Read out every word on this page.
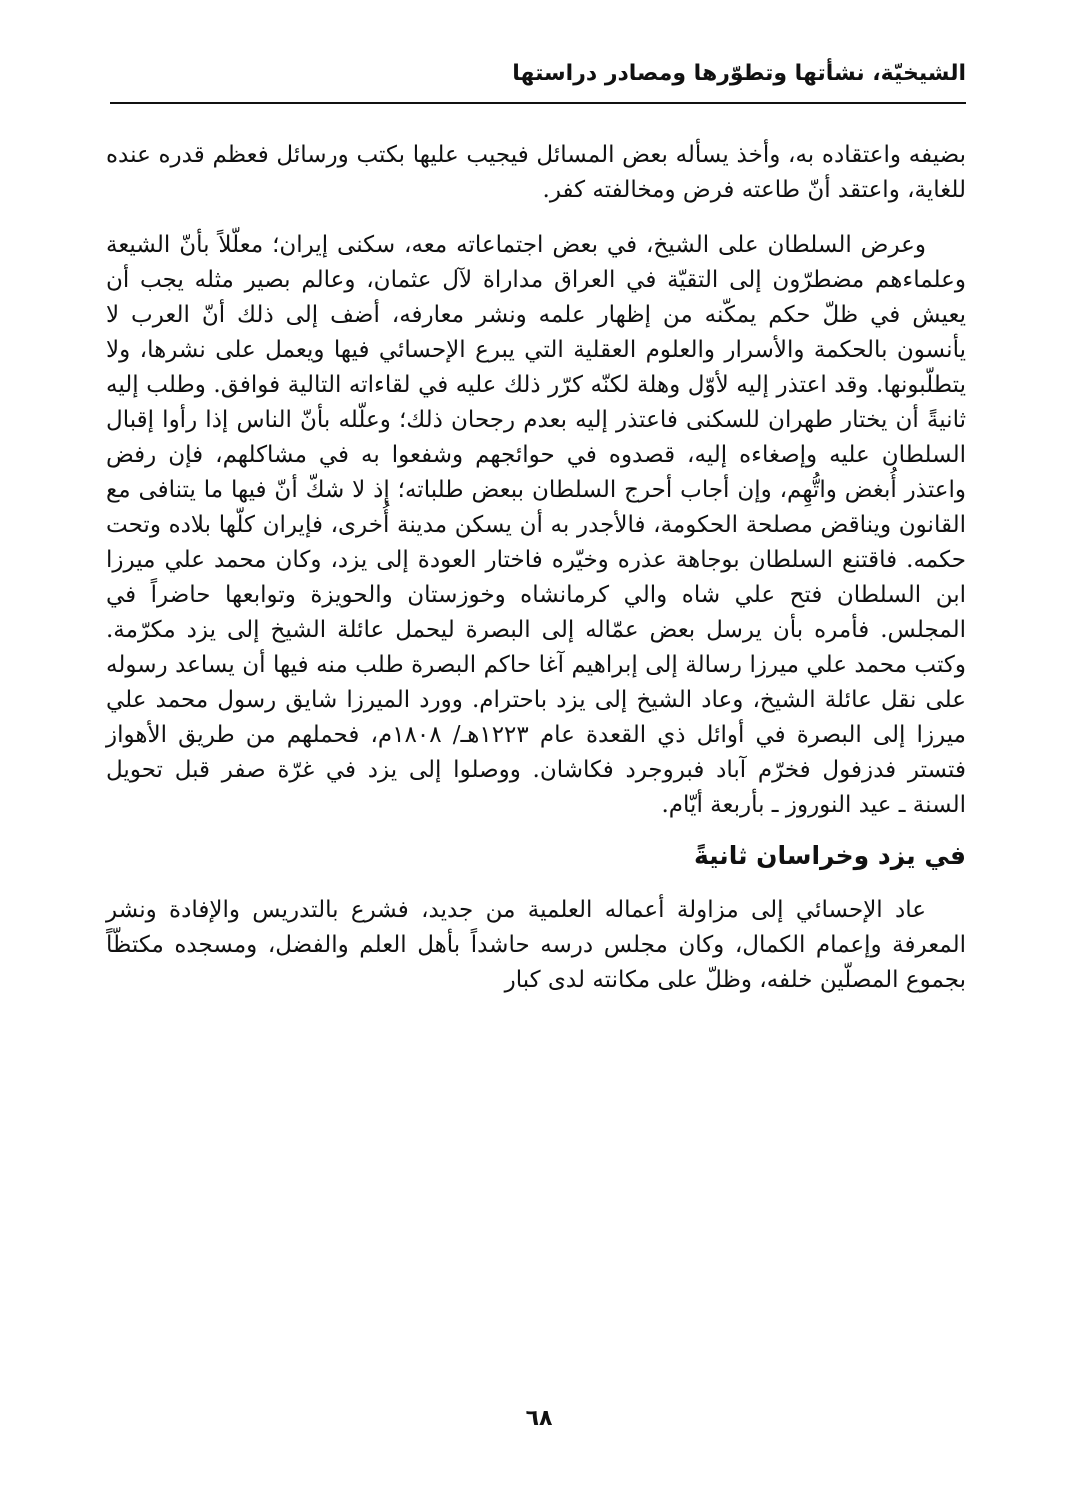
الشيخيّة، نشأتها وتطوّرها ومصادر دراستها

بضيفه واعتقاده به، وأخذ يسأله بعض المسائل فيجيب عليها بكتب ورسائل فعظم قدره عنده للغاية، واعتقد أنّ طاعته فرض ومخالفته كفر.

وعرض السلطان على الشيخ، في بعض اجتماعاته معه، سكنى إيران؛ معلّلاً بأنّ الشيعة وعلماءهم مضطرّون إلى التقيّة في العراق مداراة لآل عثمان، وعالم بصير مثله يجب أن يعيش في ظلّ حكم يمكّنه من إظهار علمه ونشر معارفه، أضف إلى ذلك أنّ العرب لا يأنسون بالحكمة والأسرار والعلوم العقلية التي يبرع الإحسائي فيها ويعمل على نشرها، ولا يتطلّبونها. وقد اعتذر إليه لأوّل وهلة لكنّه كرّر ذلك عليه في لقاءاته التالية فوافق. وطلب إليه ثانيةً أن يختار طهران للسكنى فاعتذر إليه بعدم رجحان ذلك؛ وعلّله بأنّ الناس إذا رأوا إقبال السلطان عليه وإصغاءه إليه، قصدوه في حوائجهم وشفعوا به في مشاكلهم، فإن رفض واعتذر أُبغض واتُّهِم، وإن أجاب أحرج السلطان ببعض طلباته؛ إذ لا شكّ أنّ فيها ما يتنافى مع القانون ويناقض مصلحة الحكومة، فالأجدر به أن يسكن مدينة أُخرى، فإيران كلّها بلاده وتحت حكمه. فاقتنع السلطان بوجاهة عذره وخيّره فاختار العودة إلى يزد، وكان محمد علي ميرزا ابن السلطان فتح علي شاه والي كرمانشاه وخوزستان والحويزة وتوابعها حاضراً في المجلس. فأمره بأن يرسل بعض عمّاله إلى البصرة ليحمل عائلة الشيخ إلى يزد مكرّمة. وكتب محمد علي ميرزا رسالة إلى إبراهيم آغا حاكم البصرة طلب منه فيها أن يساعد رسوله على نقل عائلة الشيخ، وعاد الشيخ إلى يزد باحترام. وورد الميرزا شايق رسول محمد علي ميرزا إلى البصرة في أوائل ذي القعدة عام ١٢٢٣هـ/ ١٨٠٨م، فحملهم من طريق الأهواز فتستر فدزفول فخرّم آباد فبروجرد فكاشان. ووصلوا إلى يزد في غرّة صفر قبل تحويل السنة ـ عيد النوروز ـ بأربعة أيّام.

في يزد وخراسان ثانيةً

عاد الإحسائي إلى مزاولة أعماله العلمية من جديد، فشرع بالتدريس والإفادة ونشر المعرفة وإعمام الكمال، وكان مجلس درسه حاشداً بأهل العلم والفضل، ومسجده مكتظّاً بجموع المصلّين خلفه، وظلّ على مكانته لدى كبار

٦٨
